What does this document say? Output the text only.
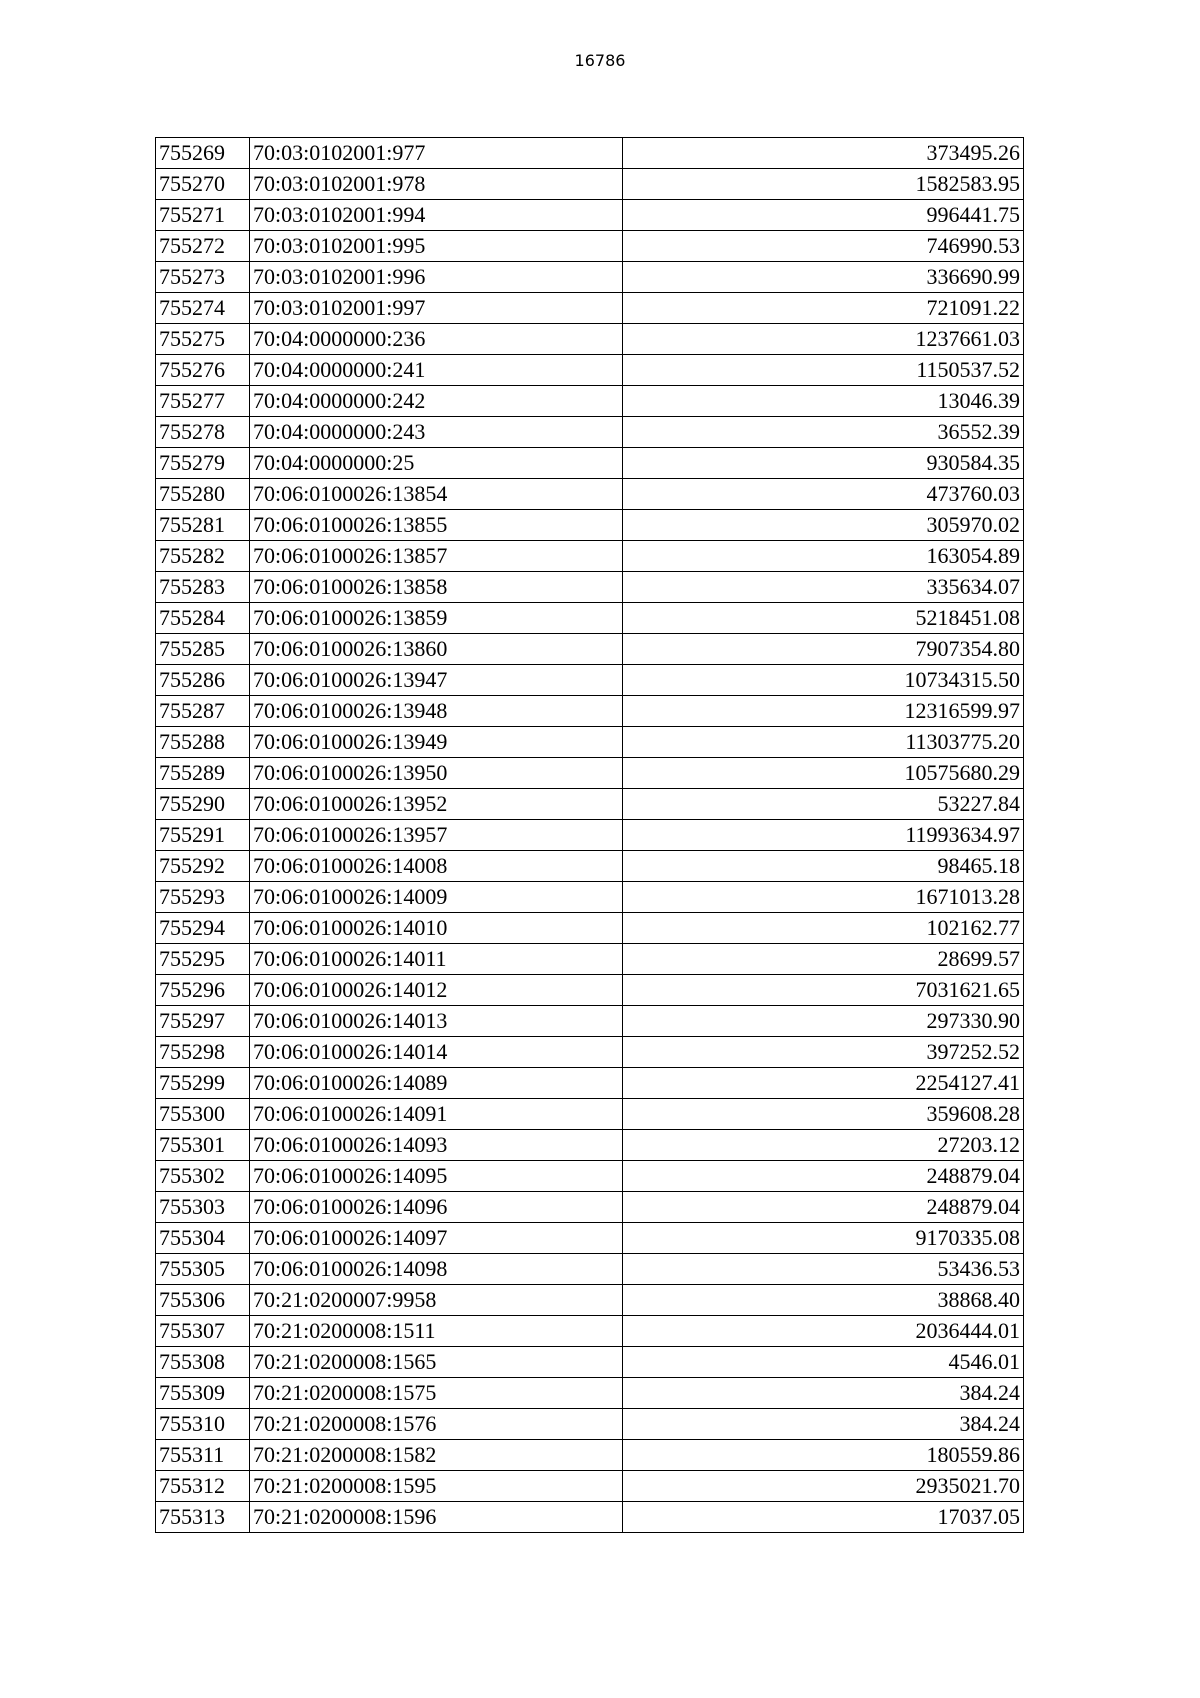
16786
755269	70:03:0102001:977	373495.26
755270	70:03:0102001:978	1582583.95
755271	70:03:0102001:994	996441.75
755272	70:03:0102001:995	746990.53
755273	70:03:0102001:996	336690.99
755274	70:03:0102001:997	721091.22
755275	70:04:0000000:236	1237661.03
755276	70:04:0000000:241	1150537.52
755277	70:04:0000000:242	13046.39
755278	70:04:0000000:243	36552.39
755279	70:04:0000000:25	930584.35
755280	70:06:0100026:13854	473760.03
755281	70:06:0100026:13855	305970.02
755282	70:06:0100026:13857	163054.89
755283	70:06:0100026:13858	335634.07
755284	70:06:0100026:13859	5218451.08
755285	70:06:0100026:13860	7907354.80
755286	70:06:0100026:13947	10734315.50
755287	70:06:0100026:13948	12316599.97
755288	70:06:0100026:13949	11303775.20
755289	70:06:0100026:13950	10575680.29
755290	70:06:0100026:13952	53227.84
755291	70:06:0100026:13957	11993634.97
755292	70:06:0100026:14008	98465.18
755293	70:06:0100026:14009	1671013.28
755294	70:06:0100026:14010	102162.77
755295	70:06:0100026:14011	28699.57
755296	70:06:0100026:14012	7031621.65
755297	70:06:0100026:14013	297330.90
755298	70:06:0100026:14014	397252.52
755299	70:06:0100026:14089	2254127.41
755300	70:06:0100026:14091	359608.28
755301	70:06:0100026:14093	27203.12
755302	70:06:0100026:14095	248879.04
755303	70:06:0100026:14096	248879.04
755304	70:06:0100026:14097	9170335.08
755305	70:06:0100026:14098	53436.53
755306	70:21:0200007:9958	38868.40
755307	70:21:0200008:1511	2036444.01
755308	70:21:0200008:1565	4546.01
755309	70:21:0200008:1575	384.24
755310	70:21:0200008:1576	384.24
755311	70:21:0200008:1582	180559.86
755312	70:21:0200008:1595	2935021.70
755313	70:21:0200008:1596	17037.05
